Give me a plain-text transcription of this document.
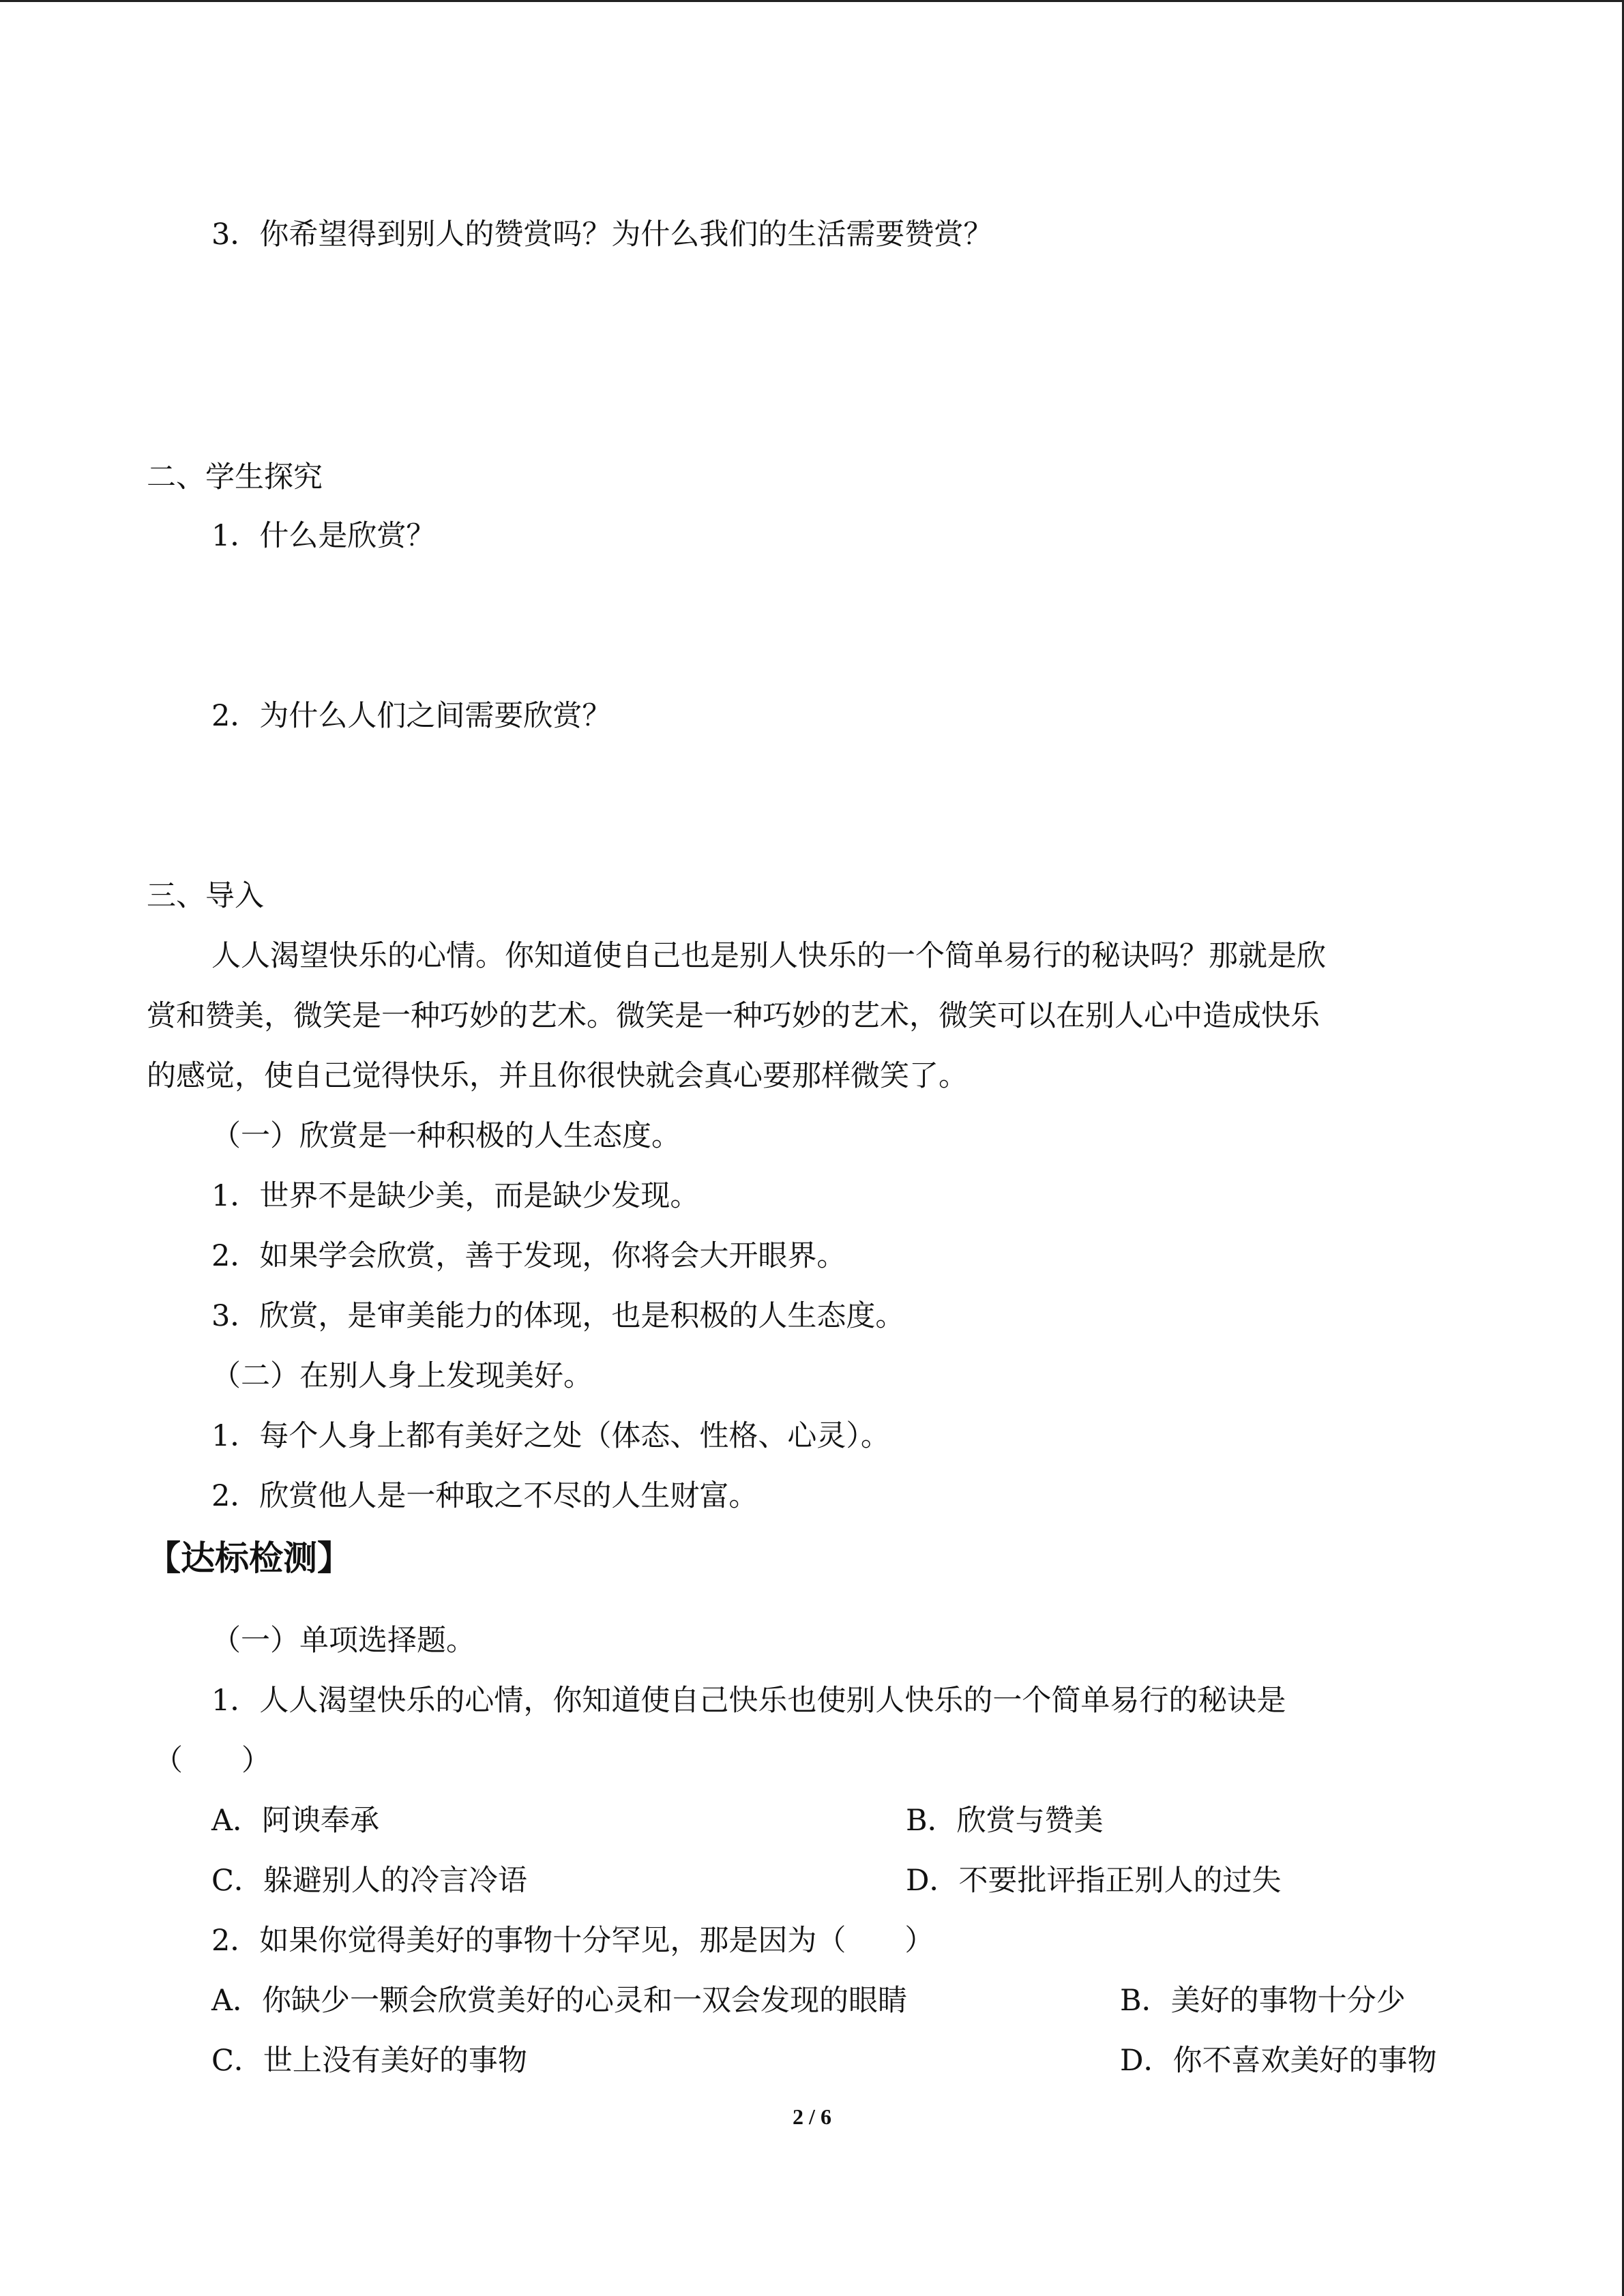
3．你希望得到别人的赞赏吗？为什么我们的生活需要赞赏？
二、学生探究
1．什么是欣赏？
2．为什么人们之间需要欣赏？
三、导入
人人渴望快乐的心情。你知道使自己也是别人快乐的一个简单易行的秘诀吗？那就是欣
赏和赞美，微笑是一种巧妙的艺术。微笑是一种巧妙的艺术，微笑可以在别人心中造成快乐
的感觉，使自己觉得快乐，并且你很快就会真心要那样微笑了。
（一）欣赏是一种积极的人生态度。
1．世界不是缺少美，而是缺少发现。
2．如果学会欣赏，善于发现，你将会大开眼界。
3．欣赏，是审美能力的体现，也是积极的人生态度。
（二）在别人身上发现美好。
1．每个人身上都有美好之处（体态、性格、心灵）。
2．欣赏他人是一种取之不尽的人生财富。
【达标检测】
（一）单项选择题。
1．人人渴望快乐的心情，你知道使自己快乐也使别人快乐的一个简单易行的秘诀是
（　　）
A．阿谀奉承	B．欣赏与赞美
C．躲避别人的冷言冷语	D．不要批评指正别人的过失
2．如果你觉得美好的事物十分罕见，那是因为（　　）
A．你缺少一颗会欣赏美好的心灵和一双会发现的眼睛	B．美好的事物十分少
C．世上没有美好的事物	D．你不喜欢美好的事物
2 / 6
